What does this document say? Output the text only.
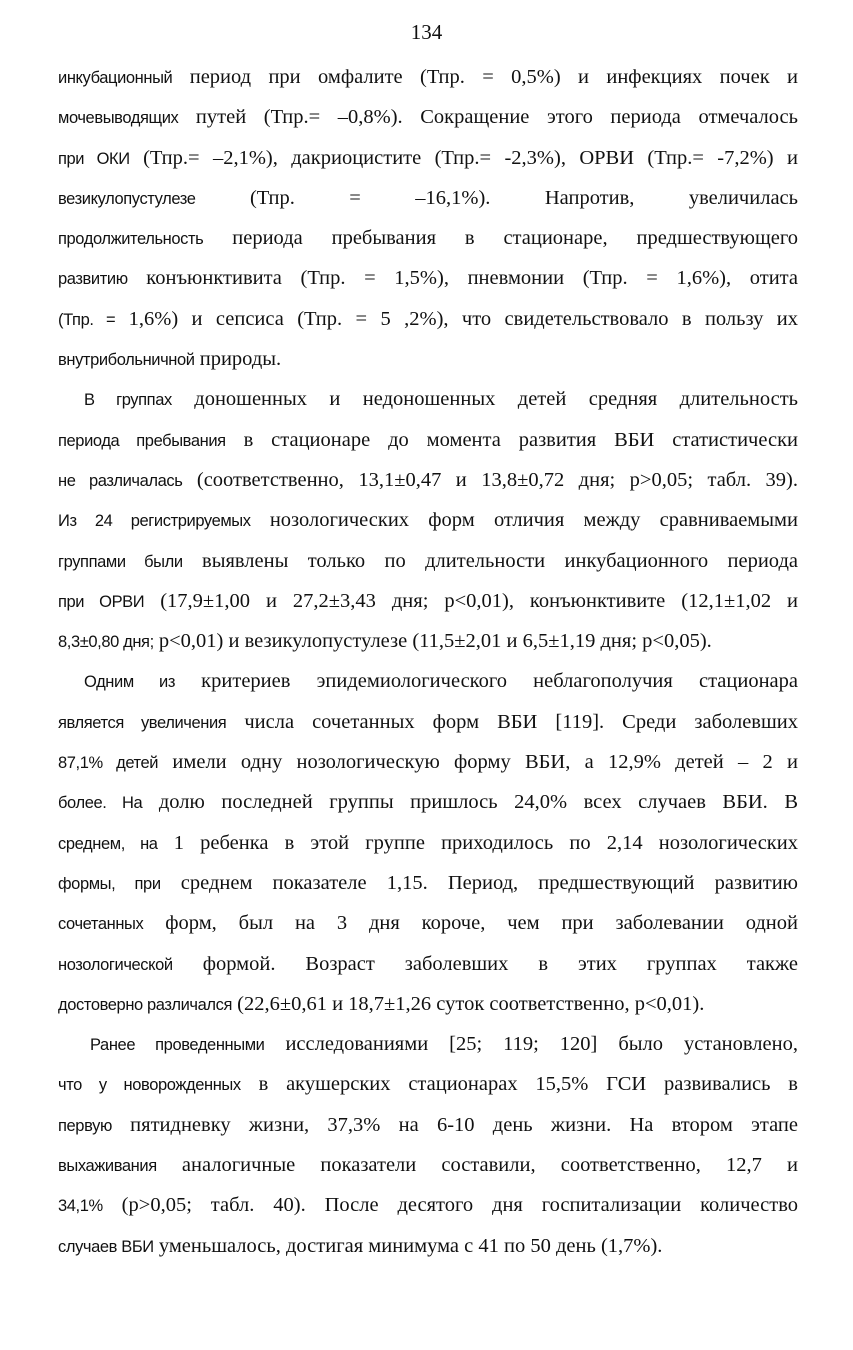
134
инкубационный период при омфалите (Тпр. = 0,5%) и инфекциях почек и
мочевыводящих путей (Тпр.= –0,8%). Сокращение этого периода отмечалось
при ОКИ (Тпр.= –2,1%), дакриоцистите (Тпр.= -2,3%), ОРВИ (Тпр.= -7,2%) и
везикулопустулезе (Тпр. = –16,1%). Напротив, увеличилась
продолжительность периода пребывания в стационаре, предшествующего
развитию конъюнктивита (Тпр. = 1,5%), пневмонии (Тпр. = 1,6%), отита
(Тпр. = 1,6%) и сепсиса (Тпр. = 5 ,2%), что свидетельствовало в пользу их
внутрибольничной природы.
В группах доношенных и недоношенных детей средняя длительность
периода пребывания в стационаре до момента развития ВБИ статистически
не различалась (соответственно, 13,1±0,47 и 13,8±0,72 дня; р>0,05; табл. 39).
Из 24 регистрируемых нозологических форм отличия между сравниваемыми
группами были выявлены только по длительности инкубационного периода
при ОРВИ (17,9±1,00 и 27,2±3,43 дня; р<0,01), конъюнктивите (12,1±1,02 и
8,3±0,80 дня; р<0,01) и везикулопустулезе (11,5±2,01 и 6,5±1,19 дня; р<0,05).
Одним из критериев эпидемиологического неблагополучия стационара
является увеличения числа сочетанных форм ВБИ [119]. Среди заболевших
87,1% детей имели одну нозологическую форму ВБИ, а 12,9% детей – 2 и
более. На долю последней группы пришлось 24,0% всех случаев ВБИ. В
среднем, на 1 ребенка в этой группе приходилось по 2,14 нозологических
формы, при среднем показателе 1,15. Период, предшествующий развитию
сочетанных форм, был на 3 дня короче, чем при заболевании одной
нозологической формой. Возраст заболевших в этих группах также
достоверно различался (22,6±0,61 и 18,7±1,26 суток соответственно, р<0,01).
Ранее проведенными исследованиями [25; 119; 120] было установлено,
что у новорожденных в акушерских стационарах 15,5% ГСИ развивались в
первую пятидневку жизни, 37,3% на 6-10 день жизни. На втором этапе
выхаживания аналогичные показатели составили, соответственно, 12,7 и
34,1% (р>0,05; табл. 40). После десятого дня госпитализации количество
случаев ВБИ уменьшалось, достигая минимума с 41 по 50 день (1,7%).
